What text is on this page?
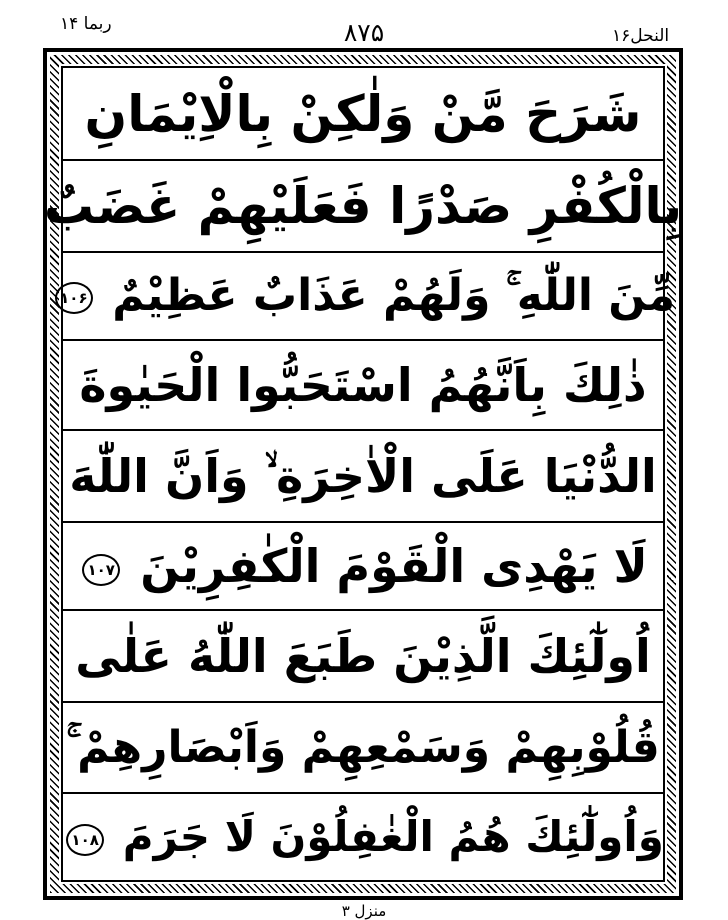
النحل۱۶
۸۷۵
ربما ۱۴
شَرَحَ مَّنْ وَلٰكِنْ بِالْاِيْمَانِ
بِالْكُفْرِ صَدْرًا فَعَلَيْهِمْ غَضَبٌ
مِّنَ اللّٰهِ ۚ وَلَهُمْ عَذَابٌ عَظِيْمٌ ۱۰۶
ذٰلِكَ بِاَنَّهُمُ اسْتَحَبُّوا الْحَيٰوةَ
الدُّنْيَا عَلَى الْاٰخِرَةِ ۙ وَاَنَّ اللّٰهَ
لَا يَهْدِى الْقَوْمَ الْكٰفِرِيْنَ ۱۰۷
اُولٰٓئِكَ الَّذِيْنَ طَبَعَ اللّٰهُ عَلٰى
قُلُوْبِهِمْ وَسَمْعِهِمْ وَاَبْصَارِهِمْ ۚ
وَاُولٰٓئِكَ هُمُ الْغٰفِلُوْنَ لَا جَرَمَ ۱۰۸
منزل ۳
